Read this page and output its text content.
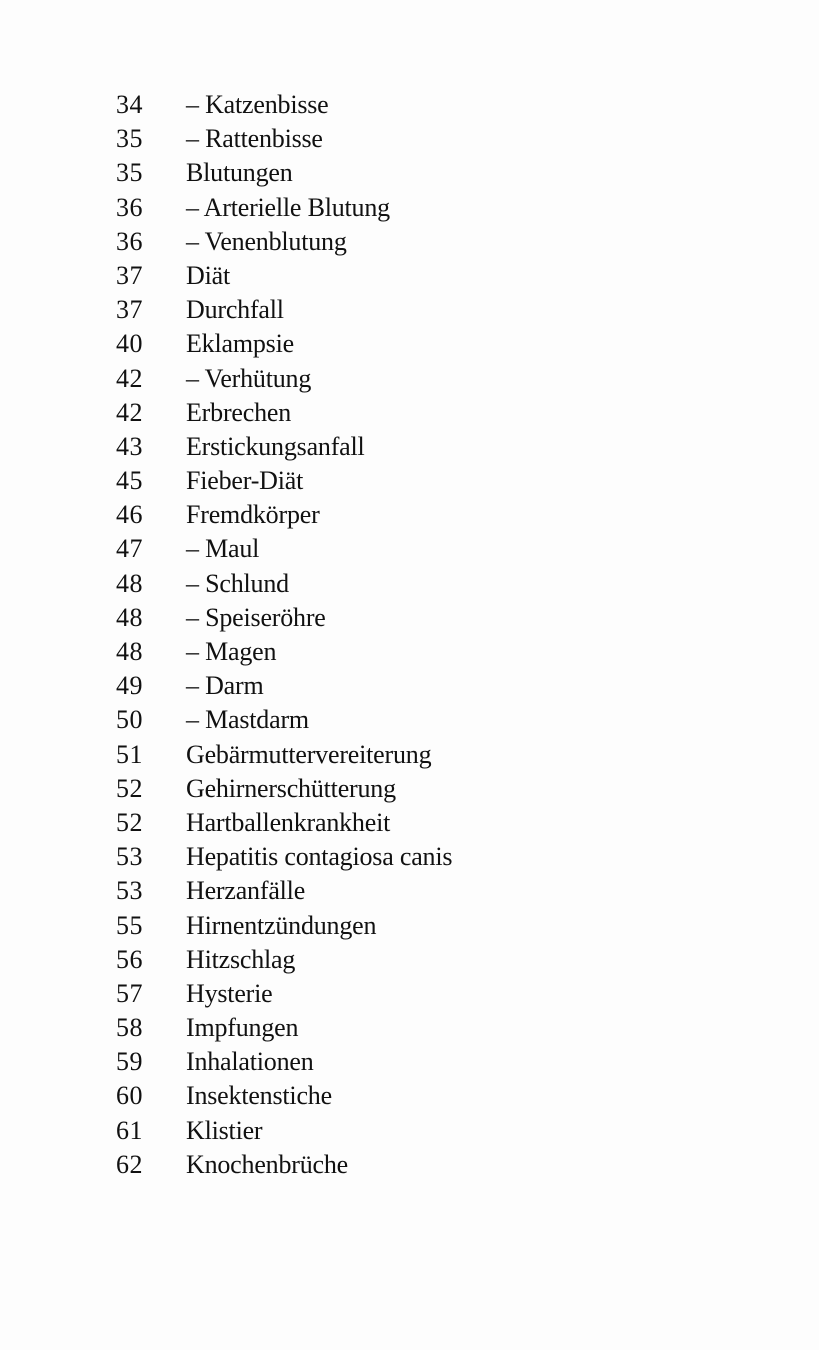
34	– Katzenbisse
35	– Rattenbisse
35	Blutungen
36	– Arterielle Blutung
36	– Venenblutung
37	Diät
37	Durchfall
40	Eklampsie
42	– Verhütung
42	Erbrechen
43	Erstickungsanfall
45	Fieber-Diät
46	Fremdkörper
47	– Maul
48	– Schlund
48	– Speiseröhre
48	– Magen
49	– Darm
50	– Mastdarm
51	Gebärmuttervereiterung
52	Gehirnerschütterung
52	Hartballenkrankheit
53	Hepatitis contagiosa canis
53	Herzanfälle
55	Hirnentzündungen
56	Hitzschlag
57	Hysterie
58	Impfungen
59	Inhalationen
60	Insektenstiche
61	Klistier
62	Knochenbrüche
